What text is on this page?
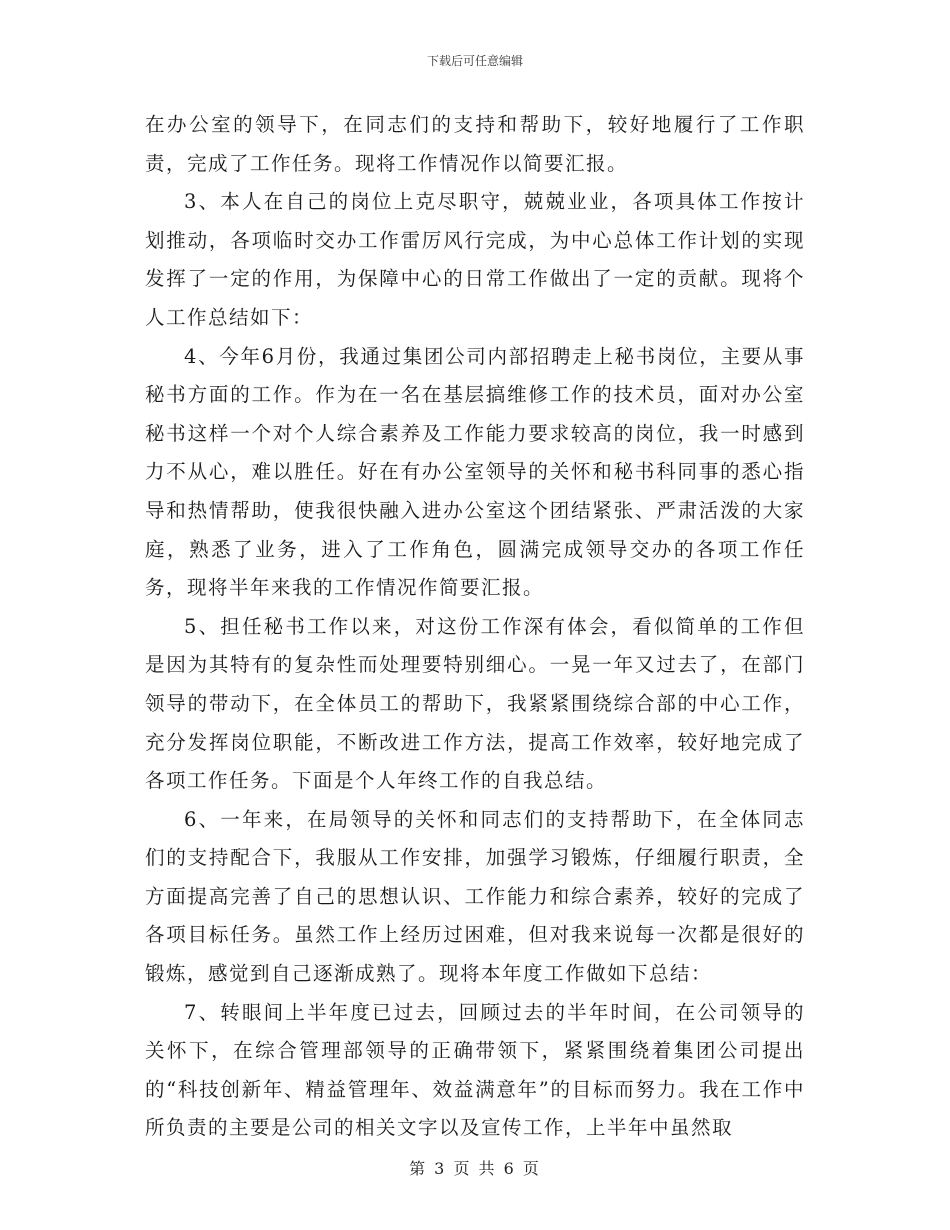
下载后可任意编辑

在办公室的领导下，在同志们的支持和帮助下，较好地履行了工作职责，完成了工作任务。现将工作情况作以简要汇报。

3、本人在自己的岗位上克尽职守，兢兢业业，各项具体工作按计划推动，各项临时交办工作雷厉风行完成，为中心总体工作计划的实现发挥了一定的作用，为保障中心的日常工作做出了一定的贡献。现将个人工作总结如下：

4、今年6月份，我通过集团公司内部招聘走上秘书岗位，主要从事秘书方面的工作。作为在一名在基层搞维修工作的技术员，面对办公室秘书这样一个对个人综合素养及工作能力要求较高的岗位，我一时感到力不从心，难以胜任。好在有办公室领导的关怀和秘书科同事的悉心指导和热情帮助，使我很快融入进办公室这个团结紧张、严肃活泼的大家庭，熟悉了业务，进入了工作角色，圆满完成领导交办的各项工作任务，现将半年来我的工作情况作简要汇报。

5、担任秘书工作以来，对这份工作深有体会，看似简单的工作但是因为其特有的复杂性而处理要特别细心。一晃一年又过去了，在部门领导的带动下，在全体员工的帮助下，我紧紧围绕综合部的中心工作，充分发挥岗位职能，不断改进工作方法，提高工作效率，较好地完成了各项工作任务。下面是个人年终工作的自我总结。

6、一年来，在局领导的关怀和同志们的支持帮助下，在全体同志们的支持配合下，我服从工作安排，加强学习锻炼，仔细履行职责，全方面提高完善了自己的思想认识、工作能力和综合素养，较好的完成了各项目标任务。虽然工作上经历过困难，但对我来说每一次都是很好的锻炼，感觉到自己逐渐成熟了。现将本年度工作做如下总结：

7、转眼间上半年度已过去，回顾过去的半年时间，在公司领导的关怀下，在综合管理部领导的正确带领下，紧紧围绕着集团公司提出的“科技创新年、精益管理年、效益满意年”的目标而努力。我在工作中所负责的主要是公司的相关文字以及宣传工作，上半年中虽然取

第 3 页 共 6 页
